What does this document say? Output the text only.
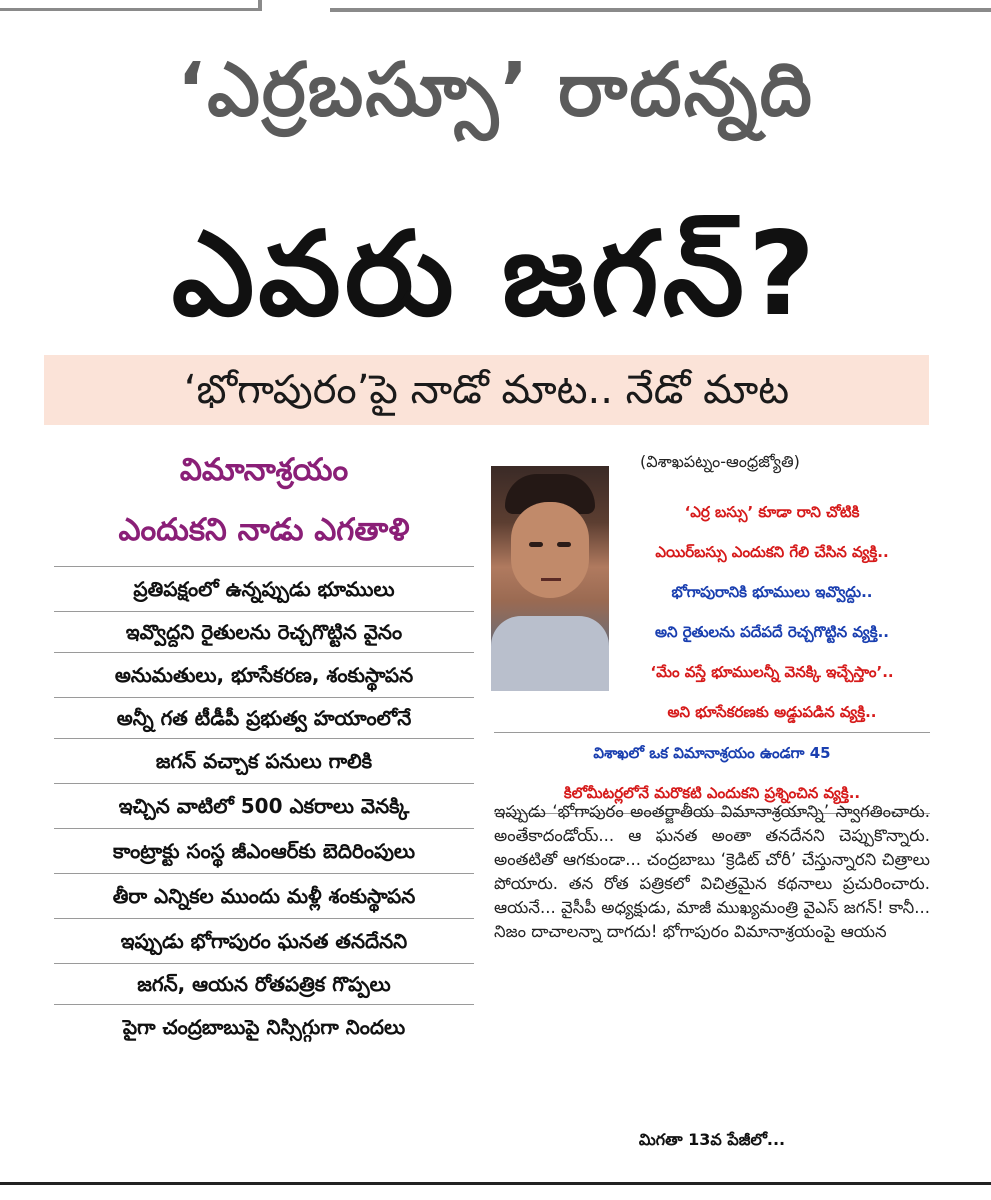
‘ఎర్రబస్సూ’ రాదన్నది
ఎవరు జగన్?
‘భోగాపురం’పై నాడో మాట.. నేడో మాట
విమానాశ్రయం
ఎందుకని నాడు ఎగతాళి
ప్రతిపక్షంలో ఉన్నప్పుడు భూములు
ఇవ్వొద్దని రైతులను రెచ్చగొట్టిన వైనం
అనుమతులు, భూసేకరణ, శంకుస్థాపన
అన్నీ గత టీడీపీ ప్రభుత్వ హయాంలోనే
జగన్ వచ్చాక పనులు గాలికి
ఇచ్చిన వాటిలో 500 ఎకరాలు వెనక్కి
కాంట్రాక్టు సంస్థ జీఎంఆర్‌కు బెదిరింపులు
తీరా ఎన్నికల ముందు మళ్లీ శంకుస్థాపన
ఇప్పుడు భోగాపురం ఘనత తనదేనని
జగన్, ఆయన రోతపత్రిక గొప్పలు
పైగా చంద్రబాబుపై నిస్సిగ్గుగా నిందలు
(విశాఖపట్నం-ఆంధ్రజ్యోతి)
‘ఎర్ర బస్సు’ కూడా రాని చోటికి
ఎయిర్‌బస్సు ఎందుకని గేలి చేసిన వ్యక్తి..
భోగాపురానికి భూములు ఇవ్వొద్దు..
అని రైతులను పదేపదే రెచ్చగొట్టిన వ్యక్తి..
‘మేం వస్తే భూములన్నీ వెనక్కి ఇచ్చేస్తాం’..
అని భూసేకరణకు అడ్డుపడిన వ్యక్తి..
విశాఖలో ఒక విమానాశ్రయం ఉండగా 45
కిలోమీటర్లలోనే మరొకటి ఎందుకని ప్రశ్నించిన వ్యక్తి..
ఇప్పుడు ‘భోగాపురం అంతర్జాతీయ విమానాశ్రయాన్ని’ స్వాగతించారు. అంతేకాదండోయ్... ఆ ఘనత అంతా తనదేనని చెప్పుకొన్నారు. అంతటితో ఆగకుండా... చంద్రబాబు ‘క్రెడిట్ చోరీ’ చేస్తున్నారని చిత్రాలు పోయారు. తన రోత పత్రికలో విచిత్రమైన కథనాలు ప్రచురించారు. ఆయనే... వైసీపీ అధ్యక్షుడు, మాజీ ముఖ్యమంత్రి వైఎస్ జగన్! కానీ... నిజం దాచాలన్నా దాగదు! భోగాపురం విమానాశ్రయంపై ఆయన
మిగతా 13వ పేజీలో...
